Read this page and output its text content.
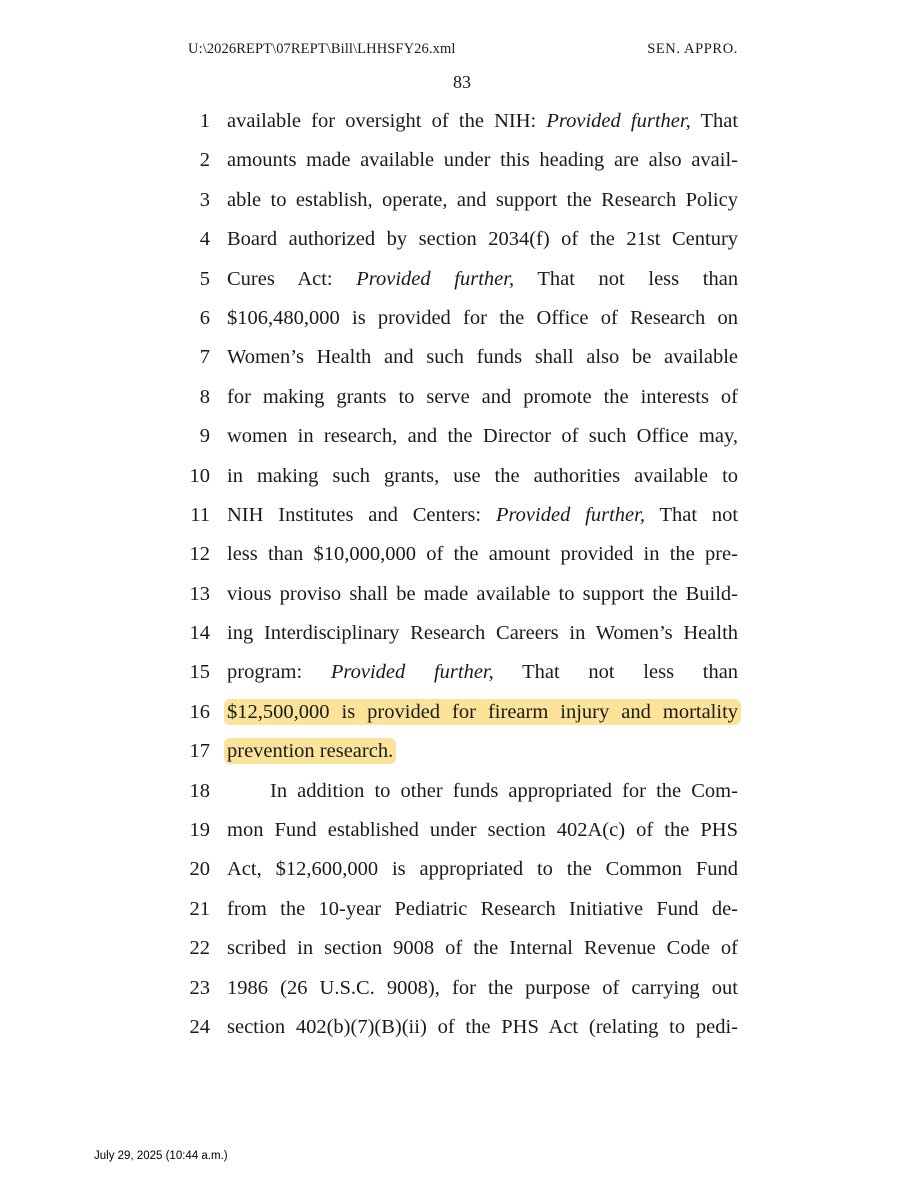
U:\2026REPT\07REPT\Bill\LHHSFY26.xml	SEN. APPRO.
83
1 available for oversight of the NIH: Provided further, That
2 amounts made available under this heading are also avail-
3 able to establish, operate, and support the Research Policy
4 Board authorized by section 2034(f) of the 21st Century
5 Cures Act: Provided further, That not less than
6 $106,480,000 is provided for the Office of Research on
7 Women’s Health and such funds shall also be available
8 for making grants to serve and promote the interests of
9 women in research, and the Director of such Office may,
10 in making such grants, use the authorities available to
11 NIH Institutes and Centers: Provided further, That not
12 less than $10,000,000 of the amount provided in the pre-
13 vious proviso shall be made available to support the Build-
14 ing Interdisciplinary Research Careers in Women’s Health
15 program: Provided further, That not less than
16 $12,500,000 is provided for firearm injury and mortality
17 prevention research.
18	In addition to other funds appropriated for the Com-
19 mon Fund established under section 402A(c) of the PHS
20 Act, $12,600,000 is appropriated to the Common Fund
21 from the 10-year Pediatric Research Initiative Fund de-
22 scribed in section 9008 of the Internal Revenue Code of
23 1986 (26 U.S.C. 9008), for the purpose of carrying out
24 section 402(b)(7)(B)(ii) of the PHS Act (relating to pedi-
July 29, 2025 (10:44 a.m.)
